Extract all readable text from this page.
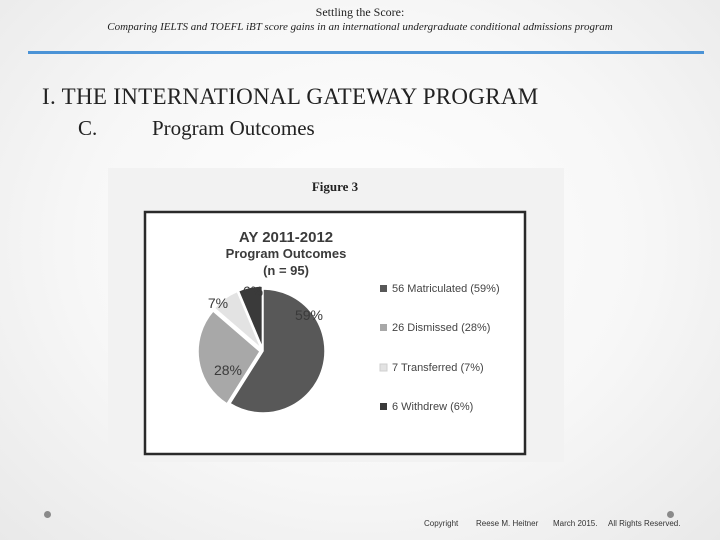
Settling the Score:
Comparing IELTS and TOEFL iBT score gains in an international undergraduate conditional admissions program
I. THE INTERNATIONAL GATEWAY PROGRAM
C.	Program Outcomes
Figure 3
AY 2011-2012
Program Outcomes
(n = 95)
59%
28%
7%
6%	56 Matriculated (59%)
26 Dismissed (28%)
7 Transferred (7%)
6 Withdrew (6%)
Copyright Reese M. Heitner March 2015. All Rights Reserved.
